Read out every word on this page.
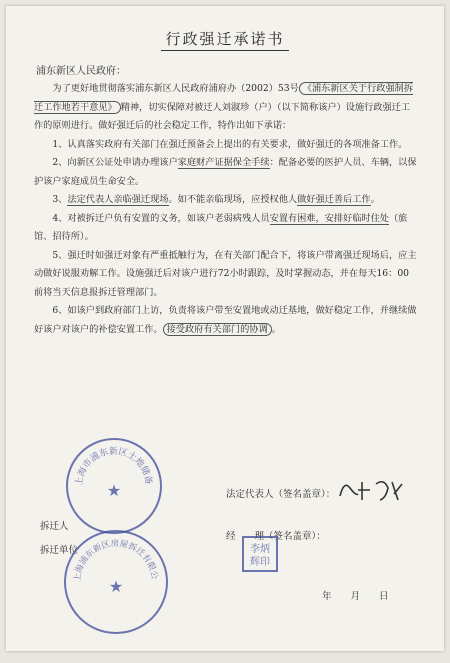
行政强迁承诺书
浦东新区人民政府：

为了更好地贯彻落实浦东新区人民政府浦府办（2002）53号 《浦东新区关于行政强制拆迁工作地若干意见》 精神，切实保障对被迁人刘淑珍（户）（以下简称该户）设施行政强迁工作的原则进行。做好强迁后的社会稳定工作，特作出如下承诺：

1、认真落实政府有关部门在强迁预备会上提出的有关要求，做好强迁的各项准备工作。

2、向新区公证处申请办理该户家庭财产证据保全手续：配备必要的医护人员、车辆，以保护该户家庭成员生命安全。

3、法定代表人亲临强迁现场。如不能亲临现场，应授权他人做好强迁善后工作。

4、对被拆迁户负有安置的义务，如该户老弱病残人员安置有困难，安排好临时住处（旅馆、招待所）。

5、强迁时如强迁对象有严重抵触行为，在有关部门配合下，将该户带离强迁现场后，应主动做好说服劝解工作。设施强迁后对该户进行72小时跟踪，及时掌握动态，并在每天16：00前将当天信息报拆迁管理部门。

6、如该户到政府部门上访，负责将该户带至安置地或动迁基地，做好稳定工作，并继续做好该户对该户的补偿安置工作。 接受政府有关部门的协调 。

拆迁人
法定代表人（签名盖章）：
拆迁单位
经　　理（签名盖章）：
年　　月　　日
上海市浦东新区土地储备
★
上海浦东新区房屋拆迁有限公
★
李炳
辉印
